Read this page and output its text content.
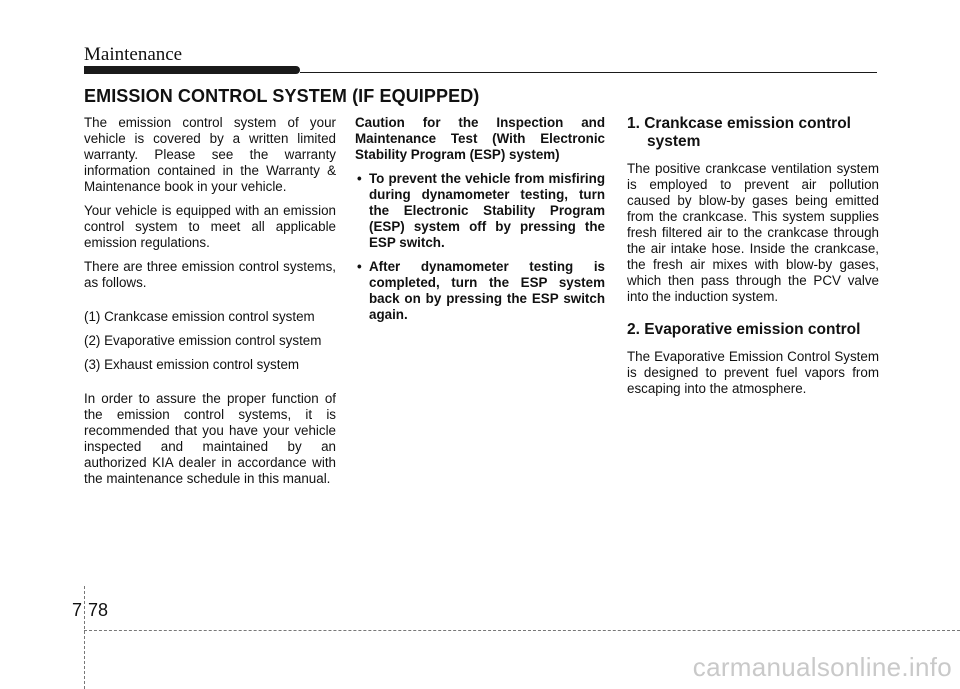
Maintenance
EMISSION CONTROL SYSTEM (IF EQUIPPED)

The emission control system of your vehicle is covered by a written limited warranty. Please see the warranty information contained in the Warranty & Maintenance book in your vehicle.

Your vehicle is equipped with an emission control system to meet all applicable emission regulations.

There are three emission control systems, as follows.

(1) Crankcase emission control system

(2) Evaporative emission control system

(3) Exhaust emission control system

In order to assure the proper function of the emission control systems, it is recommended that you have your vehicle inspected and maintained by an authorized KIA dealer in accordance with the maintenance schedule in this manual.

Caution for the Inspection and Maintenance Test (With Electronic Stability Program (ESP) system)

• To prevent the vehicle from misfiring during dynamometer testing, turn the Electronic Stability Program (ESP) system off by pressing the ESP switch.
• After dynamometer testing is completed, turn the ESP system back on by pressing the ESP switch again.
1. Crankcase emission control system

The positive crankcase ventilation system is employed to prevent air pollution caused by blow-by gases being emitted from the crankcase. This system supplies fresh filtered air to the crankcase through the air intake hose. Inside the crankcase, the fresh air mixes with blow-by gases, which then pass through the PCV valve into the induction system.

2. Evaporative emission control

The Evaporative Emission Control System is designed to prevent fuel vapors from escaping into the atmosphere.

7 78
carmanualsonline.info
